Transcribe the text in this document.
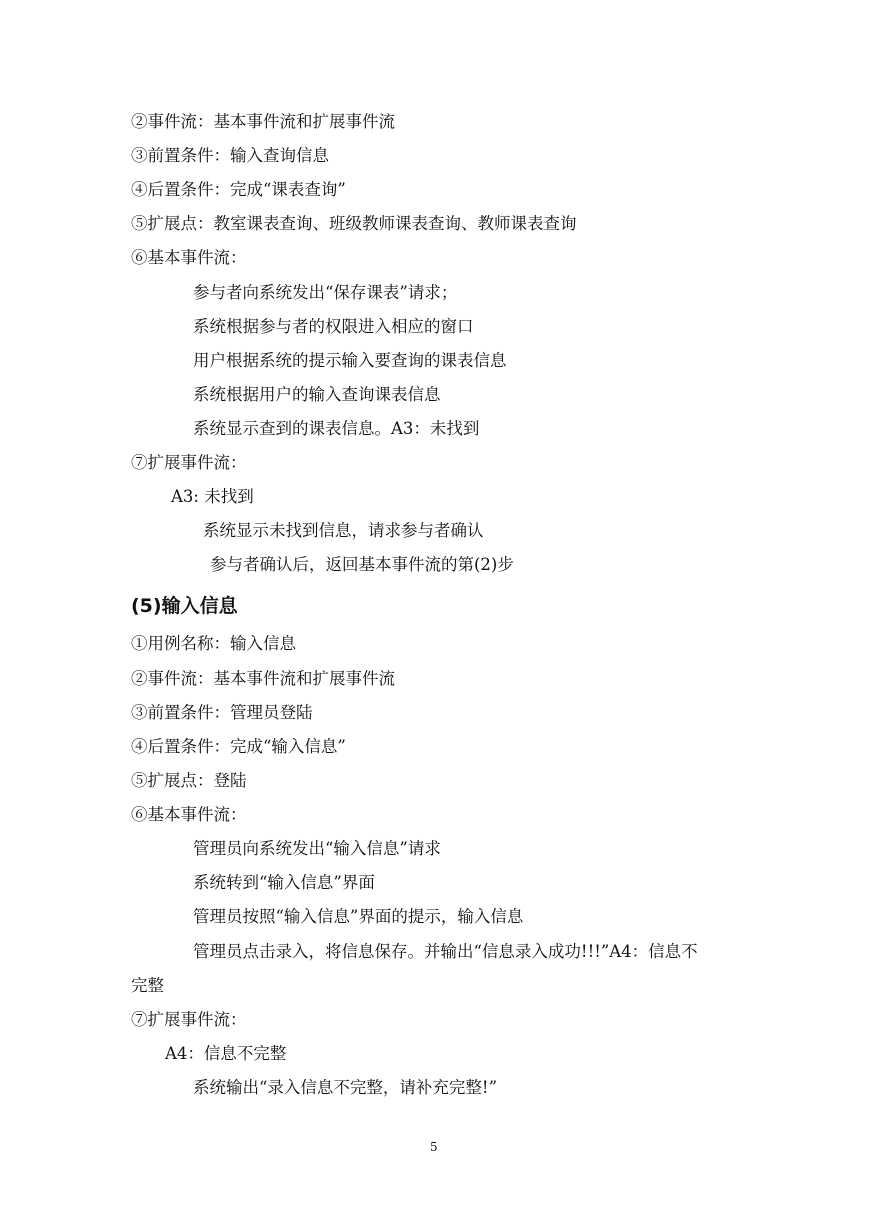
②事件流：基本事件流和扩展事件流
③前置条件：输入查询信息
④后置条件：完成“课表查询”
⑤扩展点：教室课表查询、班级教师课表查询、教师课表查询
⑥基本事件流：
参与者向系统发出“保存课表”请求；
系统根据参与者的权限进入相应的窗口
用户根据系统的提示输入要查询的课表信息
系统根据用户的输入查询课表信息
系统显示查到的课表信息。A3：未找到
⑦扩展事件流：
A3: 未找到
系统显示未找到信息，请求参与者确认
参与者确认后，返回基本事件流的第(2)步
(5)输入信息
①用例名称：输入信息
②事件流：基本事件流和扩展事件流
③前置条件：管理员登陆
④后置条件：完成“输入信息”
⑤扩展点：登陆
⑥基本事件流：
管理员向系统发出“输入信息”请求
系统转到“输入信息”界面
管理员按照“输入信息”界面的提示，输入信息
管理员点击录入，将信息保存。并输出“信息录入成功!!!”A4：信息不
完整
⑦扩展事件流：
A4：信息不完整
系统输出“录入信息不完整，请补充完整!”
5
